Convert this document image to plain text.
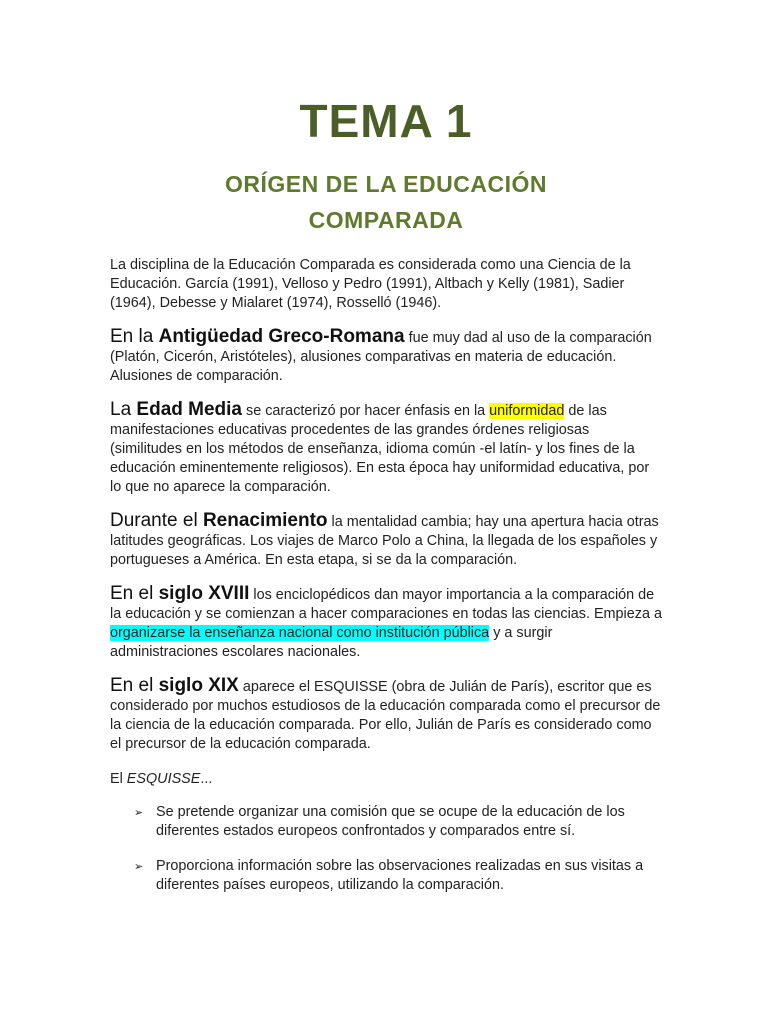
TEMA 1
ORÍGEN DE LA EDUCACIÓN
COMPARADA

La disciplina de la Educación Comparada es considerada como una Ciencia de la Educación. García (1991), Velloso y Pedro (1991), Altbach y Kelly (1981), Sadier (1964), Debesse y Mialaret (1974), Rosselló (1946).

En la Antigüedad Greco-Romana fue muy dad al uso de la comparación (Platón, Cicerón, Aristóteles), alusiones comparativas en materia de educación. Alusiones de comparación.

La Edad Media se caracterizó por hacer énfasis en la uniformidad de las manifestaciones educativas procedentes de las grandes órdenes religiosas (similitudes en los métodos de enseñanza, idioma común -el latín- y los fines de la educación eminentemente religiosos). En esta época hay uniformidad educativa, por lo que no aparece la comparación.

Durante el Renacimiento la mentalidad cambia; hay una apertura hacia otras latitudes geográficas. Los viajes de Marco Polo a China, la llegada de los españoles y portugueses a América. En esta etapa, si se da la comparación.

En el siglo XVIII los enciclopédicos dan mayor importancia a la comparación de la educación y se comienzan a hacer comparaciones en todas las ciencias. Empieza a organizarse la enseñanza nacional como institución pública y a surgir administraciones escolares nacionales.

En el siglo XIX aparece el ESQUISSE (obra de Julián de París), escritor que es considerado por muchos estudiosos de la educación comparada como el precursor de la ciencia de la educación comparada. Por ello, Julián de París es considerado como el precursor de la educación comparada.

El ESQUISSE...

➢ Se pretende organizar una comisión que se ocupe de la educación de los diferentes estados europeos confrontados y comparados entre sí.
➢ Proporciona información sobre las observaciones realizadas en sus visitas a diferentes países europeos, utilizando la comparación.
